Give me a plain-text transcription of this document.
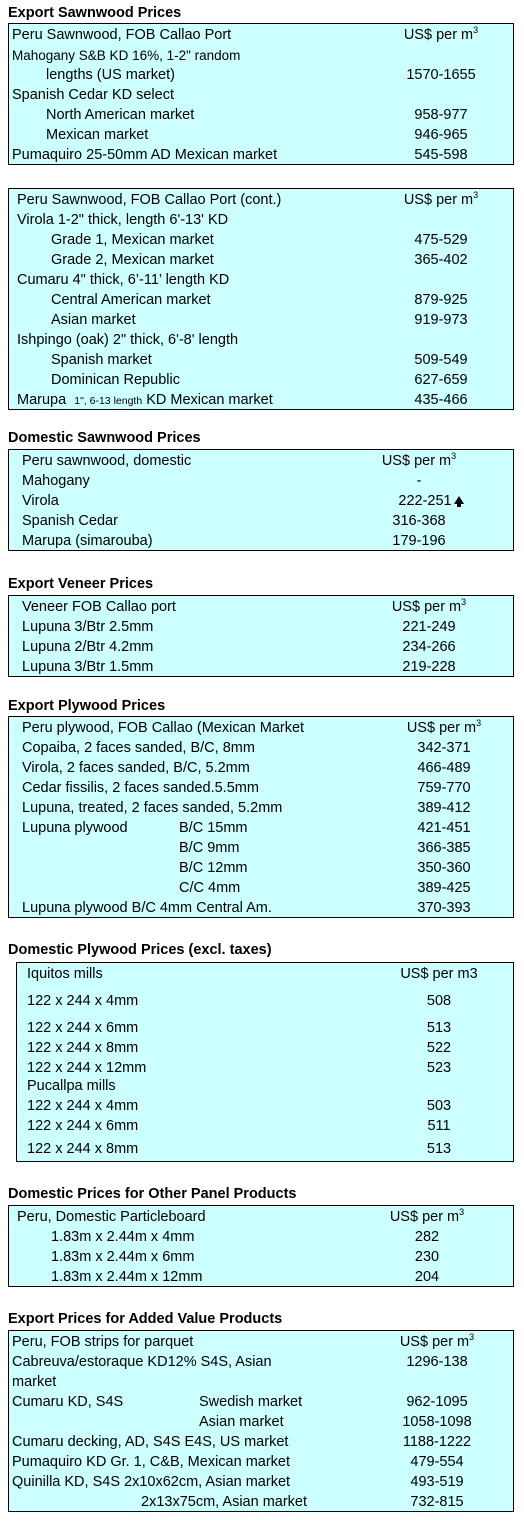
Export Sawnwood Prices
Peru Sawnwood, FOB Callao Port	US$ per $m^3$
Mahogany S&B KD 16%, 1-2" random
lengths (US market)	1570-1655
Spanish Cedar KD select
North American market	958-977
Mexican market	946-965
Pumaquiro 25-50mm AD Mexican market	545-598
Peru Sawnwood, FOB Callao Port (cont.)	US$ per $m^3$
Virola 1-2" thick, length 6'-13' KD
Grade 1, Mexican market	475-529
Grade 2, Mexican market	365-402
Cumaru 4" thick, 6’-11’ length KD
Central American market	879-925
Asian market	919-973
Ishpingo (oak) 2" thick, 6'-8' length
Spanish market	509-549
Dominican Republic	627-659
Marupa 1", 6-13 length KD Mexican market	435-466
Domestic Sawnwood Prices
Peru sawnwood, domestic	US$ per $m^3$
Mahogany	-
Virola	222-251
Spanish Cedar	316-368
Marupa (simarouba)	179-196
Export Veneer Prices
Veneer FOB Callao port	US$ per $m^3$
Lupuna 3/Btr 2.5mm	221-249
Lupuna 2/Btr 4.2mm	234-266
Lupuna 3/Btr 1.5mm	219-228
Export Plywood Prices
Peru plywood, FOB Callao (Mexican Market	US$ per $m^3$
Copaiba, 2 faces sanded, B/C, 8mm	342-371
Virola, 2 faces sanded, B/C, 5.2mm	466-489
Cedar fissilis, 2 faces sanded.5.5mm	759-770
Lupuna, treated, 2 faces sanded, 5.2mm	389-412
Lupuna plywood	B/C 15mm	421-451
B/C 9mm	366-385
B/C 12mm	350-360
C/C 4mm	389-425
Lupuna plywood B/C 4mm Central Am.	370-393
Domestic Plywood Prices (excl. taxes)
Iquitos mills	US$ per m3
122 x 244 x 4mm	508
122 x 244 x 6mm	513
122 x 244 x 8mm	522
122 x 244 x 12mm	523
Pucallpa mills
122 x 244 x 4mm	503
122 x 244 x 6mm	511
122 x 244 x 8mm	513
Domestic Prices for Other Panel Products
Peru, Domestic Particleboard	US$ per $m^3$
1.83m x 2.44m x 4mm	282
1.83m x 2.44m x 6mm	230
1.83m x 2.44m x 12mm	204
Export Prices for Added Value Products
Peru, FOB strips for parquet	US$ per $m^3$
Cabreuva/estoraque KD12% S4S, Asian	1296-138
market
Cumaru KD, S4S	Swedish market	962-1095
Asian market	1058-1098
Cumaru decking, AD, S4S E4S, US market	1188-1222
Pumaquiro KD Gr. 1, C&B, Mexican market	479-554
Quinilla KD, S4S 2x10x62cm, Asian market	493-519
2x13x75cm, Asian market	732-815
